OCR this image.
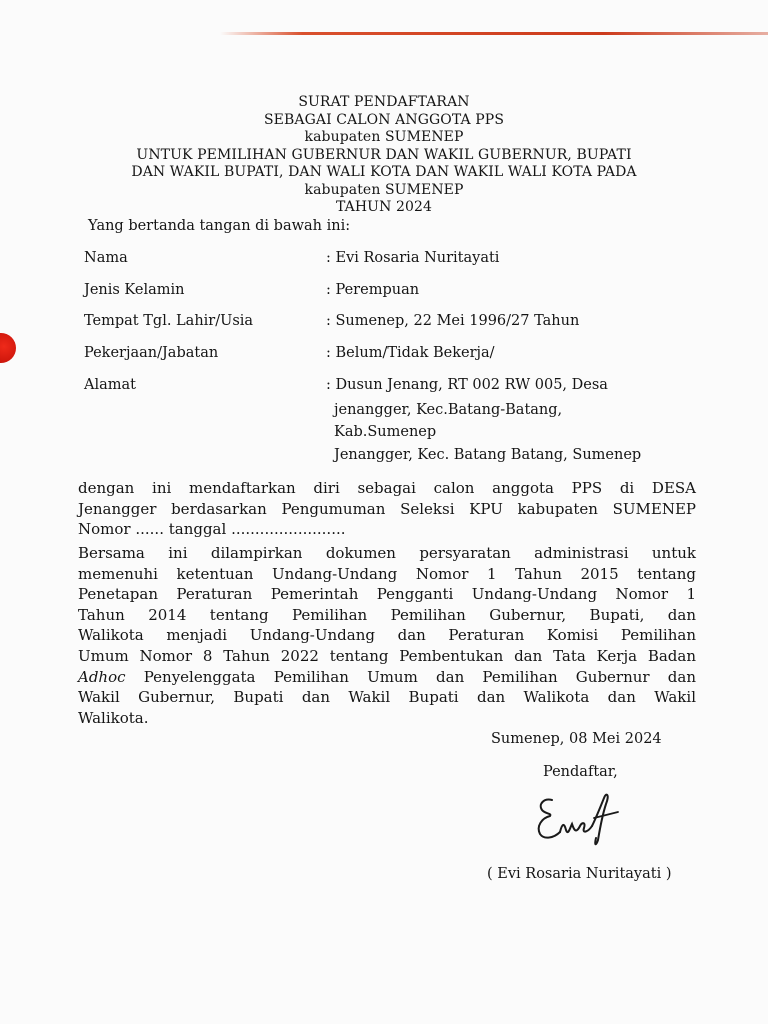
SURAT PENDAFTARAN
SEBAGAI CALON ANGGOTA PPS
kabupaten SUMENEP
UNTUK PEMILIHAN GUBERNUR DAN WAKIL GUBERNUR, BUPATI
DAN WAKIL BUPATI, DAN WALI KOTA DAN WAKIL WALI KOTA PADA
kabupaten SUMENEP
TAHUN 2024
Yang bertanda tangan di bawah ini:
Nama	: Evi Rosaria Nuritayati
Jenis Kelamin	: Perempuan
Tempat Tgl. Lahir/Usia	: Sumenep, 22 Mei 1996/27 Tahun
Pekerjaan/Jabatan	: Belum/Tidak Bekerja/
Alamat	: Dusun Jenang, RT 002 RW 005, Desa
jenangger, Kec.Batang-Batang,
Kab.Sumenep
Jenangger, Kec. Batang Batang, Sumenep
dengan ini mendaftarkan diri sebagai calon anggota PPS di DESA
Jenangger berdasarkan Pengumuman Seleksi KPU kabupaten SUMENEP
Nomor ...... tanggal ........................
Bersama ini dilampirkan dokumen persyaratan administrasi untuk
memenuhi ketentuan Undang-Undang Nomor 1 Tahun 2015 tentang
Penetapan Peraturan Pemerintah Pengganti Undang-Undang Nomor 1
Tahun 2014 tentang Pemilihan Pemilihan Gubernur, Bupati, dan
Walikota menjadi Undang-Undang dan Peraturan Komisi Pemilihan
Umum Nomor 8 Tahun 2022 tentang Pembentukan dan Tata Kerja Badan
Adhoc Penyelenggata Pemilihan Umum dan Pemilihan Gubernur dan
Wakil Gubernur, Bupati dan Wakil Bupati dan Walikota dan Wakil
Walikota.
Sumenep, 08 Mei 2024
Pendaftar,
( Evi Rosaria Nuritayati )
